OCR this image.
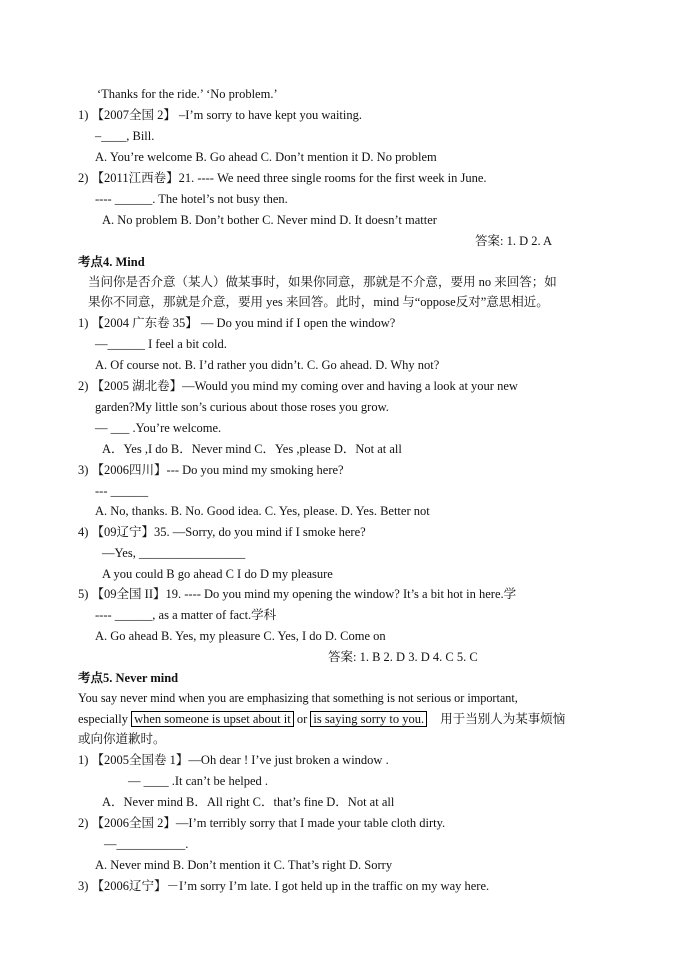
‘Thanks for the ride.’ ‘No problem.’
1) 【2007全国 2】 –I’m sorry to have kept you waiting.
–____, Bill.
A. You’re welcome B. Go ahead C. Don’t mention it D. No problem
2) 【2011江西卷】21. ---- We need three single rooms for the first week in June.
---- ______. The hotel’s not busy then.
A. No problem B. Don’t bother C. Never mind D. It doesn’t matter
答案: 1. D 2. A
考点4. Mind
当问你是否介意（某人）做某事时，如果你同意，那就是不介意，要用 no 来回答；如
果你不同意，那就是介意，要用 yes 来回答。此时，mind 与“oppose反对”意思相近。
1) 【2004 广东卷 35】 — Do you mind if I open the window?
—______ I feel a bit cold.
A. Of course not. B. I’d rather you didn’t. C. Go ahead. D. Why not?
2) 【2005 湖北卷】—Would you mind my coming over and having a look at your new
garden?My little son’s curious about those roses you grow.
— ___ .You’re welcome.
A．Yes ,I do B．Never mind C．Yes ,please D．Not at all
3) 【2006四川】--- Do you mind my smoking here?
--- ______
A. No, thanks. B. No. Good idea. C. Yes, please. D. Yes. Better not
4) 【09辽宁】35. —Sorry, do you mind if I smoke here?
—Yes, _________________
A you could B go ahead C I do D my pleasure
5) 【09全国 II】19. ---- Do you mind my opening the window? It’s a bit hot in here.学
---- ______, as a matter of fact.学科
A. Go ahead B. Yes, my pleasure C. Yes, I do D. Come on
答案: 1. B 2. D 3. D 4. C 5. C
考点5. Never mind
You say never mind when you are emphasizing that something is not serious or important,
especially when someone is upset about it or is saying sorry to you. 用于当别人为某事烦恼
或向你道歉时。
1) 【2005全国卷 1】—Oh dear ! I’ve just broken a window .
— ____ .It can’t be helped .
A．Never mind B．All right C．that’s fine D．Not at all
2) 【2006全国 2】—I’m terribly sorry that I made your table cloth dirty.
—___________.
A. Never mind B. Don’t mention it C. That’s right D. Sorry
3) 【2006辽宁】－I’m sorry I’m late. I got held up in the traffic on my way here.
